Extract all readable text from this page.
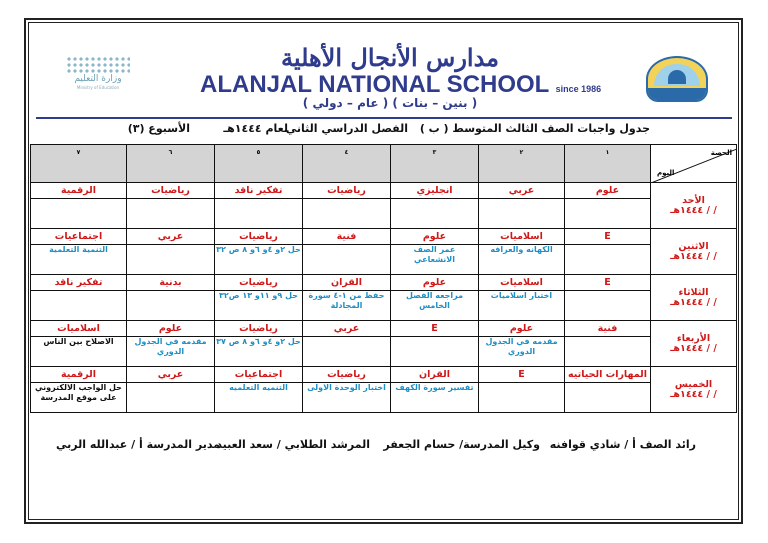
وزارة التعليم
Ministry of Education
مدارس الأنجال الأهلية
ALANJAL NATIONAL SCHOOL since 1986
( عام – دولي ) ( بنين – بنات )
جدول واجبات الصف الثالث المتوسط ( ب )
الفصل الدراسي الثاني
لعام ١٤٤٤هـ
الأسبوع (٣)
الحصة
اليوم	١	٢	٣	٤	٥	٦	٧

الأحد
/ / ١٤٤٤هـ	علوم	عربي	انجليزي	رياضيات	تفكير ناقد	رياضيات	الرقمية

الاثنين
/ / ١٤٤٤هـ	E	اسلاميات	علوم	فنية	رياضيات	عربي	اجتماعيات
		الكهانه والعرافه	عمر الصف الانشعاعي		حل ٢و ٤و ٦و ٨ ص ٣٢		التنمية التعلمية

الثلاثاء
/ / ١٤٤٤هـ	E	اسلاميات	علوم	القران	رياضيات	بدنية	تفكير ناقد
		اختبار اسلاميات	مراجعه الفصل الخامس	حفظ من ١-٤ سورة المجادلة	حل ٩و ١١و ١٣ ص٣٢		

الأربعاء
/ / ١٤٤٤هـ	فنية	علوم	E	عربي	رياضيات	علوم	اسلاميات
		مقدمه في الجدول الدوري			حل ٢و ٤و ٦و ٨ ص ٣٧	مقدمه في الجدول الدوري	الاصلاح بين الناس

الخميس
/ / ١٤٤٤هـ	المهارات الحياتيه	E	القران	رياضيات	اجتماعيات	عربي	الرقمية
			تفسير سورة الكهف	اختبار الوحدة الاولى	التنميه التعلميه		حل الواجب الالكتروني على موقع المدرسة
رائد الصف أ / شادي قوافنه
وكيل المدرسة/ حسام الجعفر
المرشد الطلابي / سعد العبيد
مدير المدرسة أ / عبدالله الربي
